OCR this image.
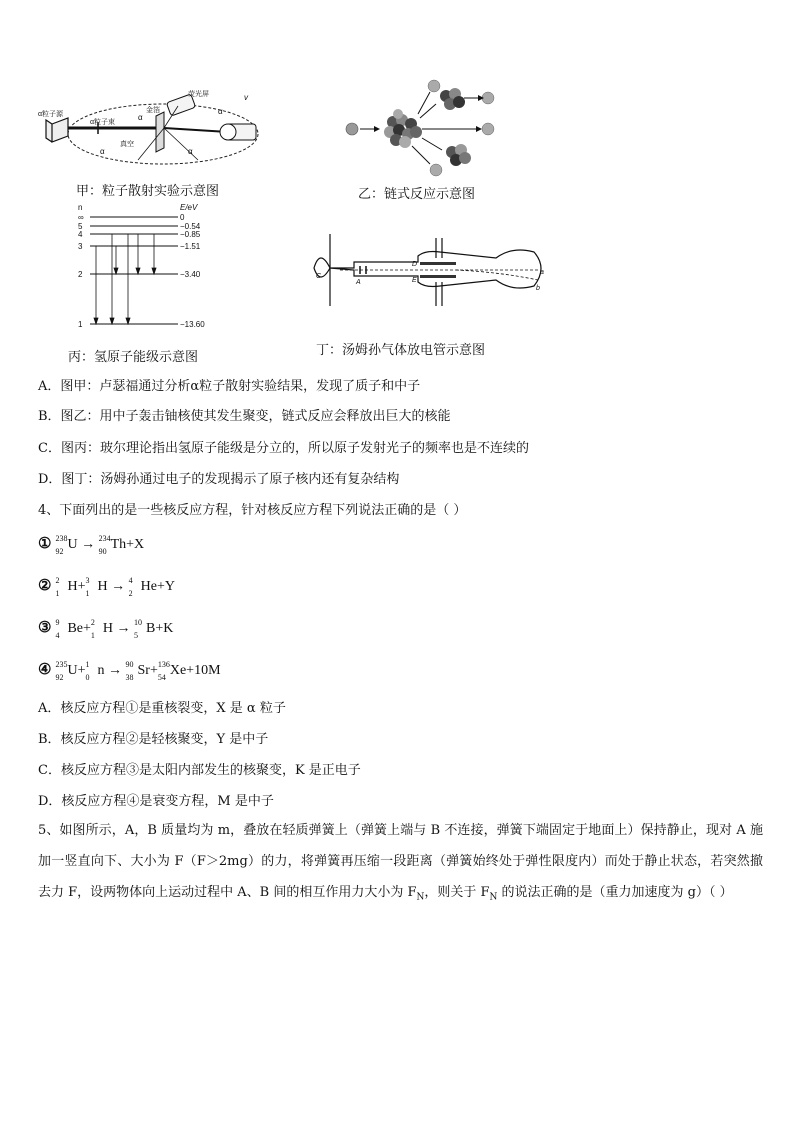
α粒子源
荧光屏
金箔
α粒子束
真空
α
α	α
α
v
甲：粒子散射实验示意图	乙：链式反应示意图
n	E/eV
∞	0
5	−0.54
4	−0.85
3	−1.51
2	−3.40
1	−13.60
丙：氢原子能级示意图
C
A
D
E
a
b
丁：汤姆孙气体放电管示意图
A．图甲：卢瑟福通过分析α粒子散射实验结果，发现了质子和中子
B．图乙：用中子轰击铀核使其发生聚变，链式反应会释放出巨大的核能
C．图丙：玻尔理论指出氢原子能级是分立的，所以原子发射光子的频率也是不连续的
D．图丁：汤姆孙通过电子的发现揭示了原子核内还有复杂结构
4、下面列出的是一些核反应方程，针对核反应方程下列说法正确的是（ ）
① 238
92 U → 234
90 Th+X
② 2
1 H+ 3
1 H → 4
2 He+Y
③ 9
4 Be+ 2
1 H → 10
5 B+K
④ 235
92 U+ 1
0 n → 90
38 Sr+ 136
54 Xe+10M
A．核反应方程①是重核裂变，X 是 α 粒子
B．核反应方程②是轻核聚变，Y 是中子
C．核反应方程③是太阳内部发生的核聚变，K 是正电子
D．核反应方程④是衰变方程，M 是中子
5、如图所示，A，B 质量均为 m，叠放在轻质弹簧上（弹簧上端与 B 不连接，弹簧下端固定于地面上）保持静止，现对 A 施加一竖直向下、大小为 F（F＞2mg）的力，将弹簧再压缩一段距离（弹簧始终处于弹性限度内）而处于静止状态，若突然撤去力 F，设两物体向上运动过程中 A、B 间的相互作用力大小为 $F_N$，则关于 $F_N$ 的说法正确的是（重力加速度为 g）（ ）
